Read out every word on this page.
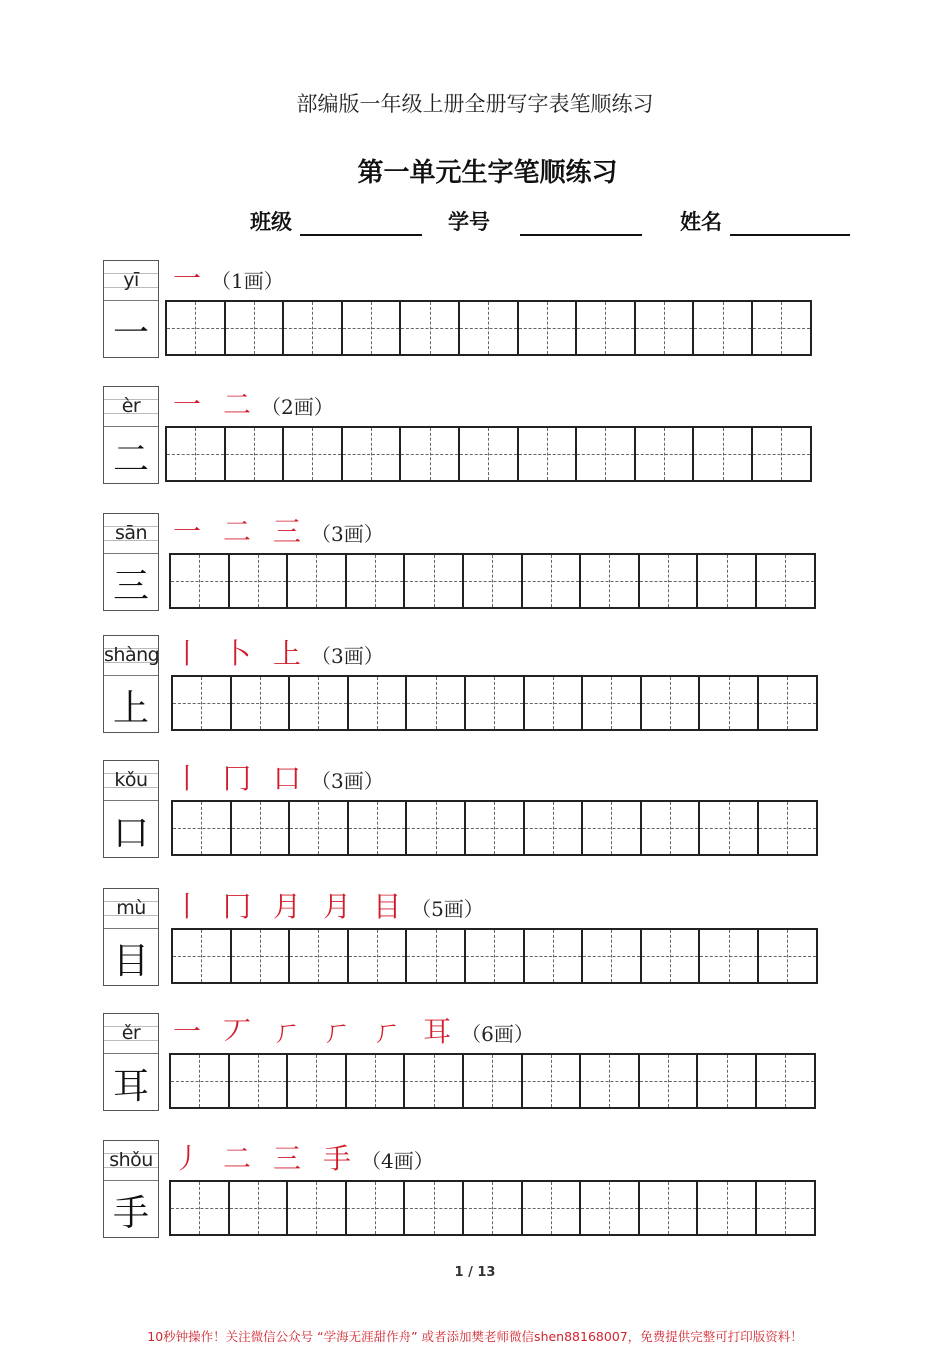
部编版一年级上册全册写字表笔顺练习
第一单元生字笔顺练习
班级	学号	姓名
yī
一
一 （1画）
èr
二
一 二 （2画）
sān
三
一 二 三 （3画）
shàng
上
丨 卜 上 （3画）
kǒu
口
丨 冂 口 （3画）
mù
目
丨 冂 月 月 目 （5画）
ěr
耳
一 丆 ㄏ ㄏ ㄏ 耳 （6画）
shǒu
手
丿 二 三 手 （4画）
1 / 13
10秒钟操作！关注微信公众号 “学海无涯甜作舟” 或者添加樊老师微信shen88168007，免费提供完整可打印版资料！
